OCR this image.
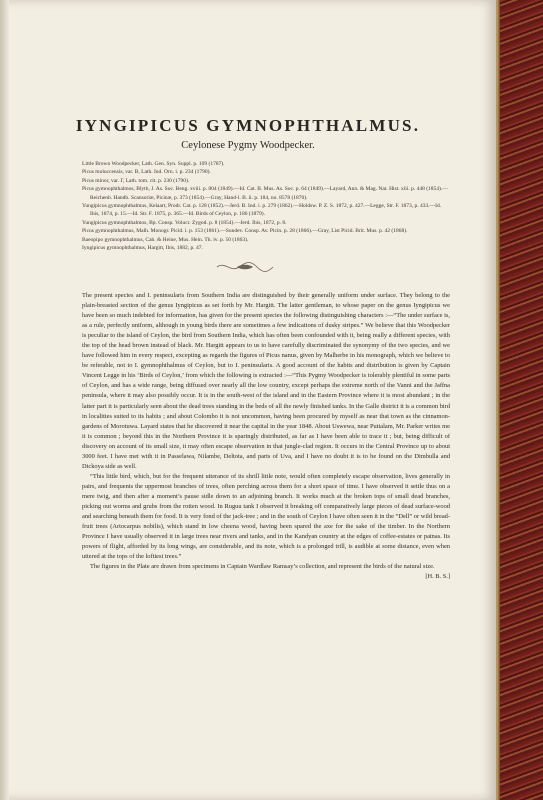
IYNGIPICUS GYMNOPHTHALMUS.
Ceylonese Pygmy Woodpecker.

Little Brown Woodpecker, Lath. Gen. Syn. Suppl. p. 109 (1787).

Picus moluccensis, var. B, Lath. Ind. Orn. i. p. 234 (1790).

Picus minor, var. Γ, Lath. tom. cit. p. 230 (1790).

Picus gymnophthalmos, Blyth, J. As. Soc. Beng. xviii. p. 804 (1849).—Id. Cat. B. Mus. As. Soc. p. 64 (1849).—Layard, Ann. & Mag. Nat. Hist. xiii. p. 448 (1854).—Reichenb. Handb. Scansoriæ, Picinæ, p. 373 (1854).—Gray, Hand-l. B. ii. p. 184, no. 8578 (1870).

Yungipicus gymnophthalmus, Kelaart, Prodr. Cat. p. 128 (1852).—Jerd. B. Ind. i. p. 279 (1862).—Holdsw. P. Z. S. 1872, p. 427.—Legge, Str. F. 1873, p. 433.—Id. Ibis, 1874, p. 15.—Id. Str. F. 1875, p. 365.—Id. Birds of Ceylon, p. 186 (1879).

Yungipicus gymnophthalmos, Bp. Consp. Volucr. Zygod. p. 8 (1854).—Jerd. Ibis, 1872, p. 8.

Picus gymnophthalmus, Malh. Monogr. Picid. i. p. 153 (1861).—Sundev. Consp. Av. Picin. p. 28 (1866).—Gray, List Picid. Brit. Mus. p. 42 (1868).

Baeopipo gymnophthalmus, Cab. & Heine, Mus. Hein. Th. iv. p. 50 (1863).

Iyngipicus gymnophthalmus, Hargitt, Ibis, 1882, p. 47.

The present species and I. peninsularis from Southern India are distinguished by their generally uniform under surface. They belong to the plain-breasted section of the genus Iyngipicus as set forth by Mr. Hargitt. The latter gentleman, to whose paper on the genus Iyngipicus we have been so much indebted for information, has given for the present species the following distinguishing characters :—“The under surface is, as a rule, perfectly uniform, although in young birds there are sometimes a few indications of dusky stripes.” We believe that this Woodpecker is peculiar to the island of Ceylon, the bird from Southern India, which has often been confounded with it, being really a different species, with the top of the head brown instead of black. Mr. Hargitt appears to us to have carefully discriminated the synonymy of the two species, and we have followed him in every respect, excepting as regards the figures of Picus nanus, given by Malherbe in his monograph, which we believe to be referable, not to I. gymnophthalmus of Ceylon, but to I. peninsularis. A good account of the habits and distribution is given by Captain Vincent Legge in his ‘Birds of Ceylon,’ from which the following is extracted :—“This Pygmy Woodpecker is tolerably plentiful in some parts of Ceylon, and has a wide range, being diffused over nearly all the low country, except perhaps the extreme north of the Vanni and the Jaffna peninsula, where it may also possibly occur. It is in the south-west of the island and in the Eastern Province where it is most abundant ; in the latter part it is particularly seen about the dead trees standing in the beds of all the newly finished tanks. In the Galle district it is a common bird in localities suited to its habits ; and about Colombo it is not uncommon, having been procured by myself as near that town as the cinnamon-gardens of Morotuwa. Layard states that he discovered it near the capital in the year 1848. About Uswewa, near Puttalam, Mr. Parker writes me it is common ; beyond this in the Northern Province it is sparingly distributed, as far as I have been able to trace it ; but, being difficult of discovery on account of its small size, it may often escape observation in that jungle-clad region. It occurs in the Central Province up to about 3000 feet. I have met with it in Passelawa, Nilambe, Deltota, and parts of Uva, and I have no doubt it is to be found on the Dimbulla and Dickoya side as well.

“This little bird, which, but for the frequent utterance of its shrill little note, would often completely escape observation, lives generally in pairs, and frequents the uppermost branches of trees, often perching across them for a short space of time. I have observed it settle thus on a mere twig, and then after a moment’s pause sidle down to an adjoining branch. It works much at the broken tops of small dead branches, picking out worms and grubs from the rotten wood. In Ruguu tank I observed it breaking off comparatively large pieces of dead surface-wood and searching beneath them for food. It is very fond of the jack-tree ; and in the south of Ceylon I have often seen it in the “Dell” or wild bread-fruit trees (Artocarpus nobilis), which stand in low cheena wood, having been spared the axe for the sake of the timber. In the Northern Province I have usually observed it in large trees near rivers and tanks, and in the Kandyan country at the edges of coffee-estates or patnas. Its powers of flight, afforded by its long wings, are considerable, and its note, which is a prolonged trill, is audible at some distance, even when uttered at the tops of the loftiest trees.”

The figures in the Plate are drawn from specimens in Captain Wardlaw Ramsay’s collection, and represent the birds of the natural size.

[H. B. S.]
